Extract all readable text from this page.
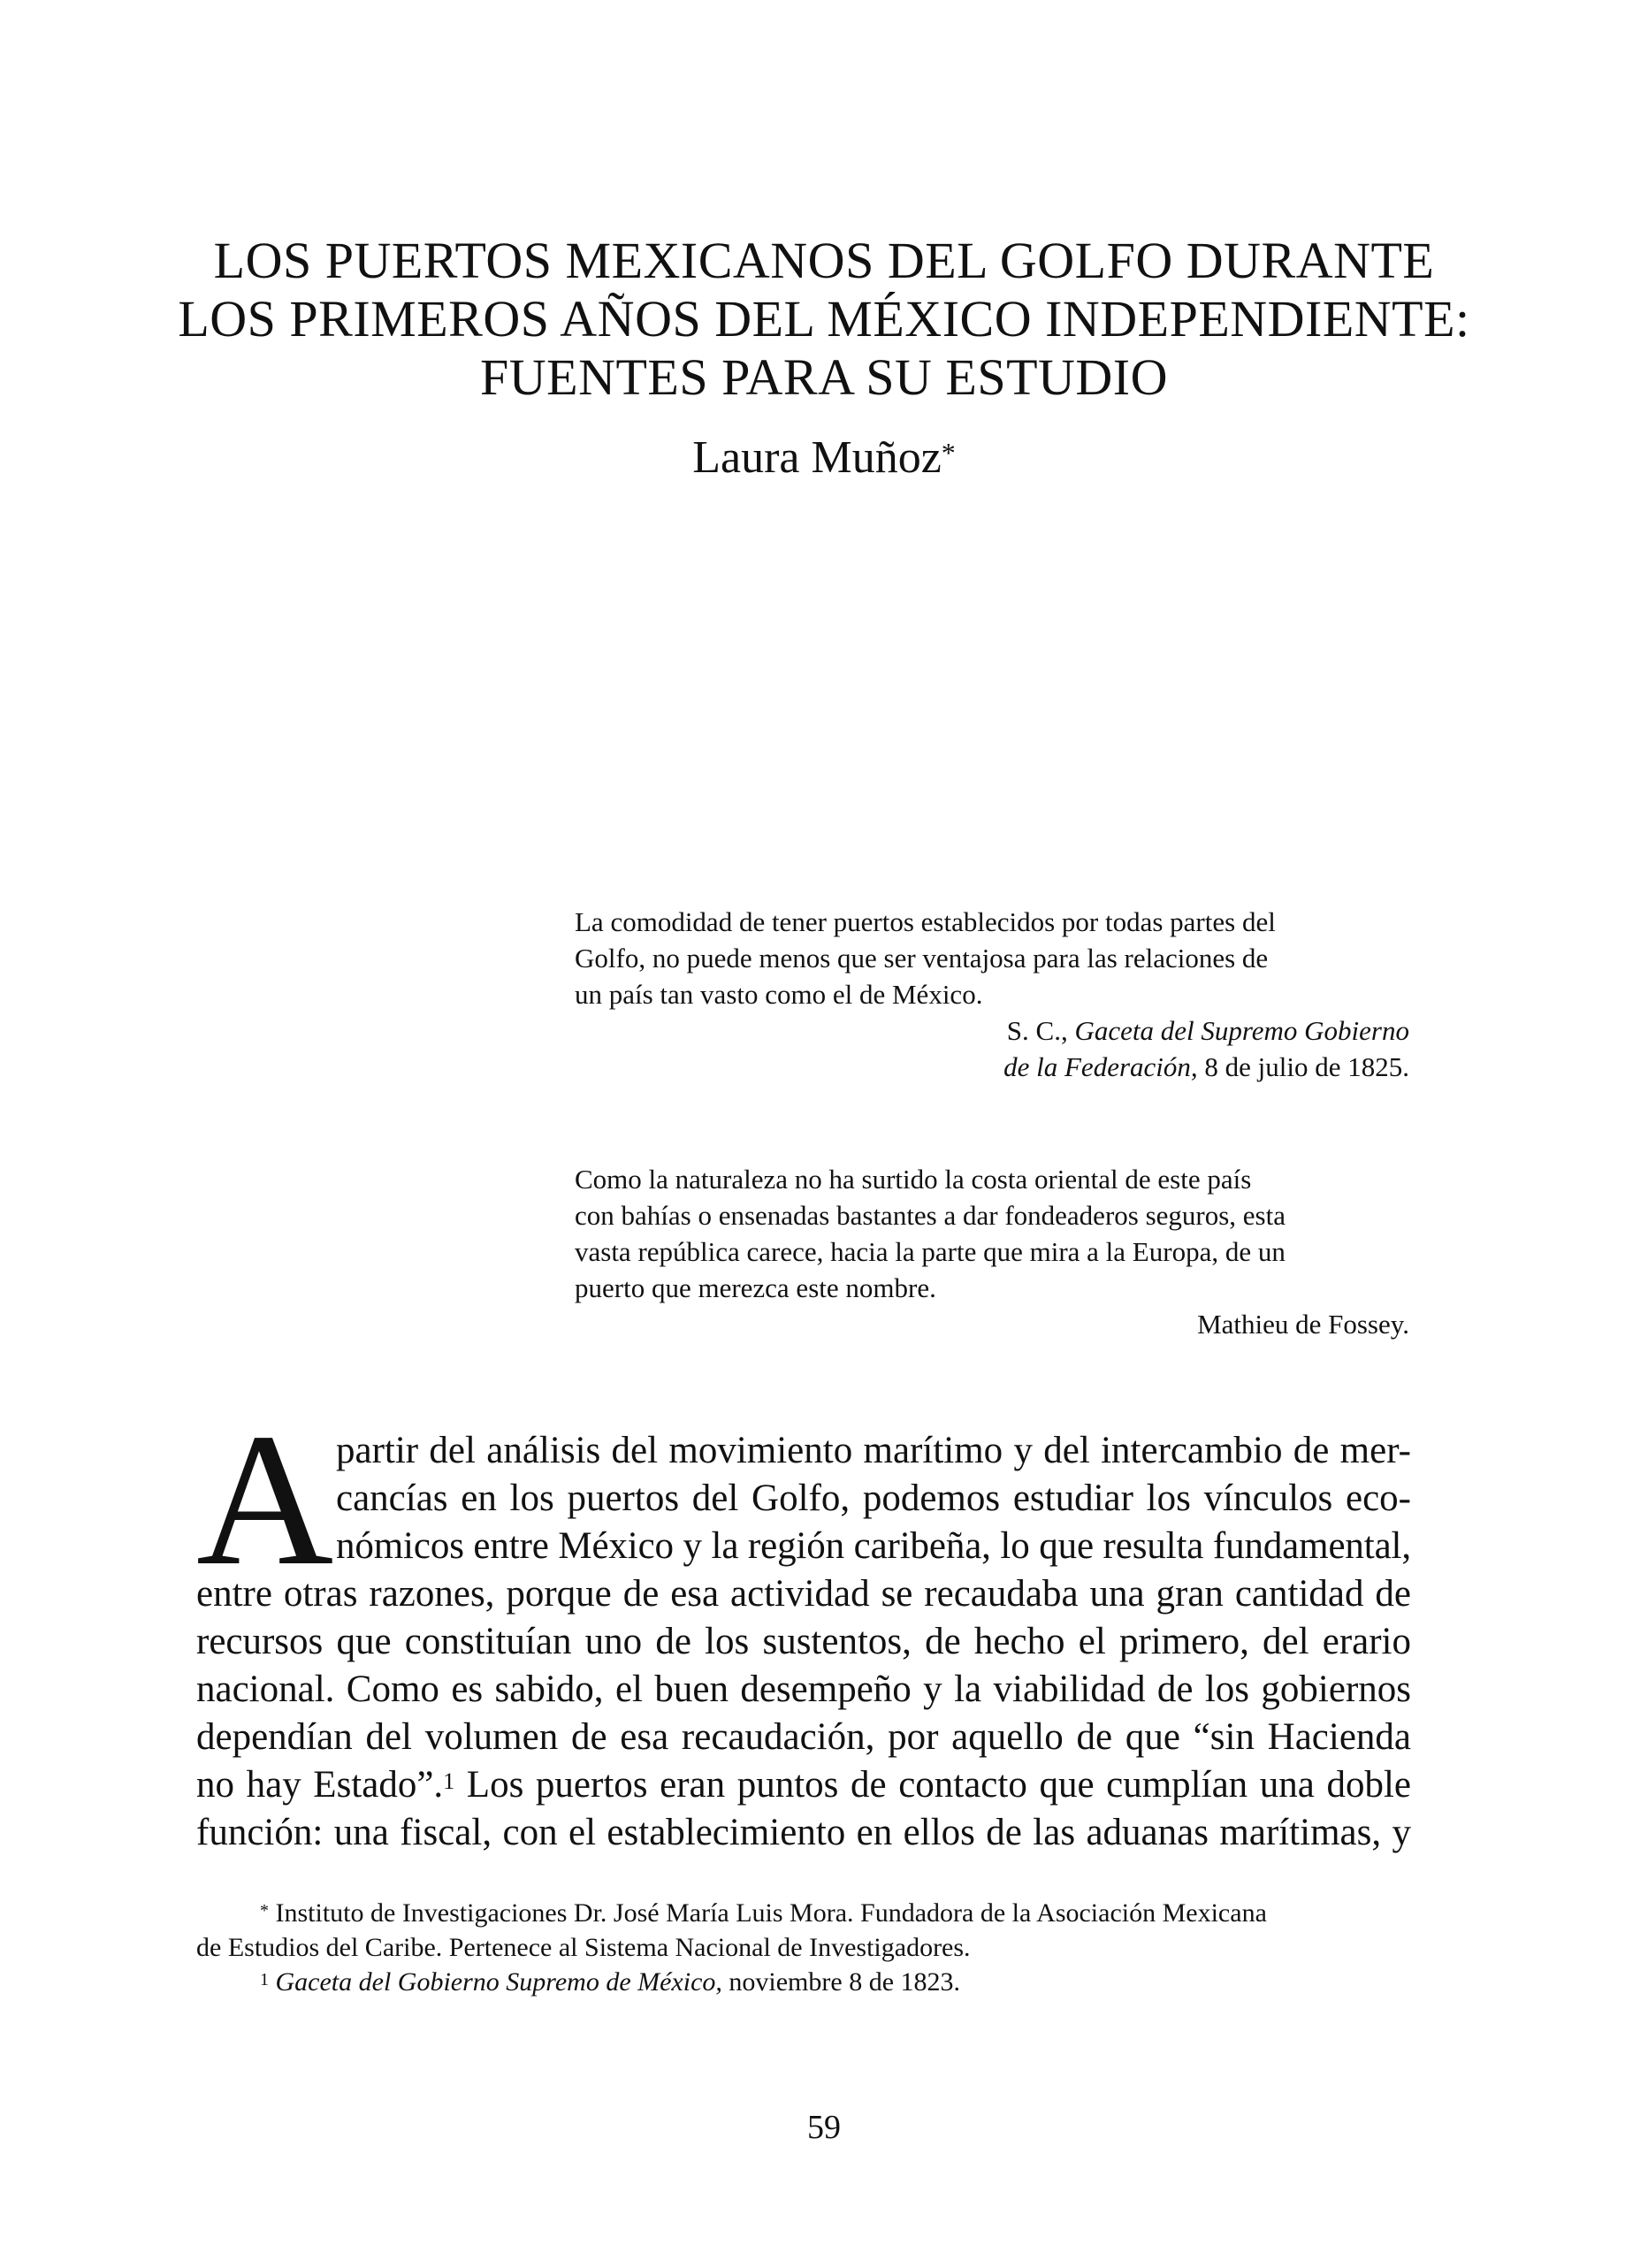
LOS PUERTOS MEXICANOS DEL GOLFO DURANTE
LOS PRIMEROS AÑOS DEL MÉXICO INDEPENDIENTE:
FUENTES PARA SU ESTUDIO
Laura Muñoz*

La comodidad de tener puertos establecidos por todas partes del

Golfo, no puede menos que ser ventajosa para las relaciones de

un país tan vasto como el de México.

S. C., Gaceta del Supremo Gobierno

de la Federación, 8 de julio de 1825.

Como la naturaleza no ha surtido la costa oriental de este país

con bahías o ensenadas bastantes a dar fondeaderos seguros, esta

vasta república carece, hacia la parte que mira a la Europa, de un

puerto que merezca este nombre.

Mathieu de Fossey.

A partir del análisis del movimiento marítimo y del intercambio de mer-
cancías en los puertos del Golfo, podemos estudiar los vínculos eco-
nómicos entre México y la región caribeña, lo que resulta fundamental,
entre otras razones, porque de esa actividad se recaudaba una gran cantidad de
recursos que constituían uno de los sustentos, de hecho el primero, del erario
nacional. Como es sabido, el buen desempeño y la viabilidad de los gobiernos
dependían del volumen de esa recaudación, por aquello de que “sin Hacienda
no hay Estado”.$^1$ Los puertos eran puntos de contacto que cumplían una doble
función: una fiscal, con el establecimiento en ellos de las aduanas marítimas, y

* Instituto de Investigaciones Dr. José María Luis Mora. Fundadora de la Asociación Mexicana

de Estudios del Caribe. Pertenece al Sistema Nacional de Investigadores.

$^1$ Gaceta del Gobierno Supremo de México, noviembre 8 de 1823.

59
